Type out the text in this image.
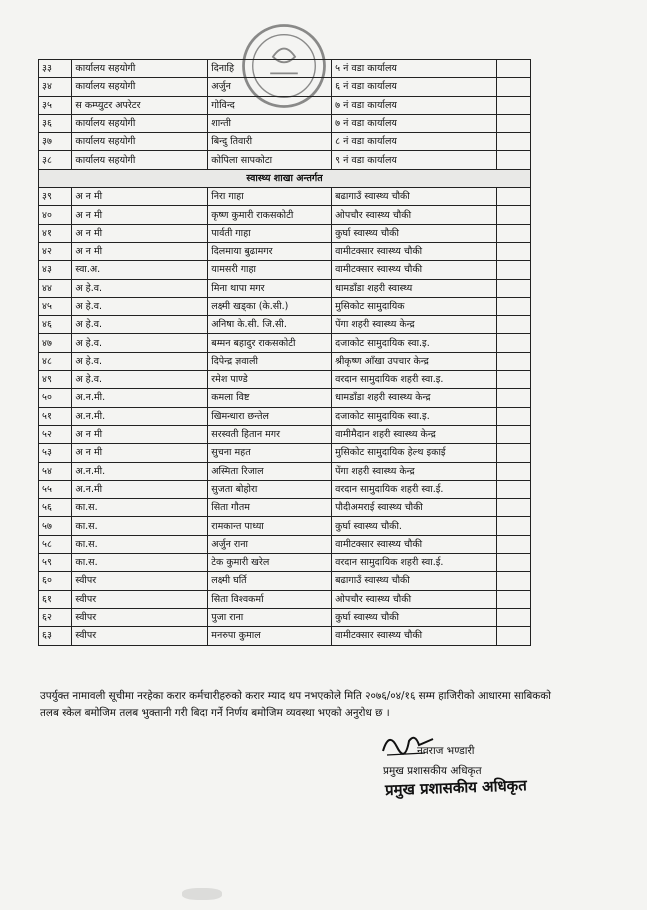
३३	कार्यालय सहयोगी	दिनाहि	५ नं वडा कार्यालय	
३४	कार्यालय सहयोगी	अर्जुन	६ नं वडा कार्यालय	
३५	स कम्प्युटर अपरेटर	गोविन्द	७ नं वडा कार्यालय	
३६	कार्यालय सहयोगी	शान्ती	७ नं वडा कार्यालय	
३७	कार्यालय सहयोगी	बिन्दु तिवारी	८ नं वडा कार्यालय	
३८	कार्यालय सहयोगी	कोपिला सापकोटा	९ नं वडा कार्यालय	
स्वास्थ्य शाखा अन्तर्गत				
३९	अ न मी	निरा गाहा	बढागाउँ स्वास्थ्य चौकी	
४०	अ न मी	कृष्ण कुमारी राकसकोटी	ओपचौर स्वास्थ्य चौकी	
४१	अ न मी	पार्वती गाहा	कुर्घा स्वास्थ्य चौकी	
४२	अ न मी	दिलमाया बुढामगर	वामीटक्सार स्वास्थ्य चौकी	
४३	स्वा.अ.	यामसरी गाहा	वामीटक्सार स्वास्थ्य चौकी	
४४	अ हे.व.	मिना थापा मगर	धामडाँडा शहरी स्वास्थ्य	
४५	अ हे.व.	लक्ष्मी खड्का (के.सी.)	मुसिकोट सामुदायिक	
४६	अ हे.व.	अनिषा के.सी. जि.सी.	पेंगा शहरी स्वास्थ्य केन्द्र	
४७	अ हे.व.	बम्मन बहादुर राकसकोटी	दजाकोट सामुदायिक स्वा.इ.	
४८	अ हे.व.	दिपेन्द्र ज्ञवाली	श्रीकृष्ण आँखा उपचार केन्द्र	
४९	अ हे.व.	रमेश पाण्डे	वरदान सामुदायिक शहरी स्वा.इ.	
५०	अ.न.मी.	कमला विष्ट	धामडाँडा शहरी स्वास्थ्य केन्द्र	
५१	अ.न.मी.	खिमन्धारा छन्तेल	दजाकोट सामुदायिक स्वा.इ.	
५२	अ न मी	सरस्वती हितान मगर	वामीमैदान शहरी स्वास्थ्य केन्द्र	
५३	अ न मी	सुचना महत	मुसिकोट सामुदायिक हेल्थ इकाई	
५४	अ.न.मी.	अस्मिता रिजाल	पेंगा शहरी स्वास्थ्य केन्द्र	
५५	अ.न.मी	सुजता बोहोरा	वरदान सामुदायिक शहरी स्वा.ई.	
५६	का.स.	सिता गौतम	पौदीअमराई स्वास्थ्य चौकी	
५७	का.स.	रामकान्त पाध्या	कुर्घा स्वास्थ्य चौकी.	
५८	का.स.	अर्जुन राना	वामीटक्सार स्वास्थ्य चौकी	
५९	का.स.	टेक कुमारी खरेल	वरदान सामुदायिक शहरी स्वा.ई.	
६०	स्वीपर	लक्ष्मी घर्ति	बढागाउँ स्वास्थ्य चौकी	
६१	स्वीपर	सिता विश्वकर्मा	ओपचौर स्वास्थ्य चौकी	
६२	स्वीपर	पुजा राना	कुर्घा स्वास्थ्य चौकी	
६३	स्वीपर	मनरुपा कुमाल	वामीटक्सार स्वास्थ्य चौकी	
उपर्युक्त नामावली सूचीमा नरहेका करार कर्मचारीहरुको करार म्याद थप नभएकोले मिति २०७६/०४/१६ सम्म हाजिरीको आधारमा साबिकको तलब स्केल बमोजिम तलब भुक्तानी गरी बिदा गर्ने निर्णय बमोजिम व्यवस्था भएको अनुरोध छ ।
नवराज भण्डारी
प्रमुख प्रशासकीय अधिकृत
प्रमुख प्रशासकीय अधिकृत
